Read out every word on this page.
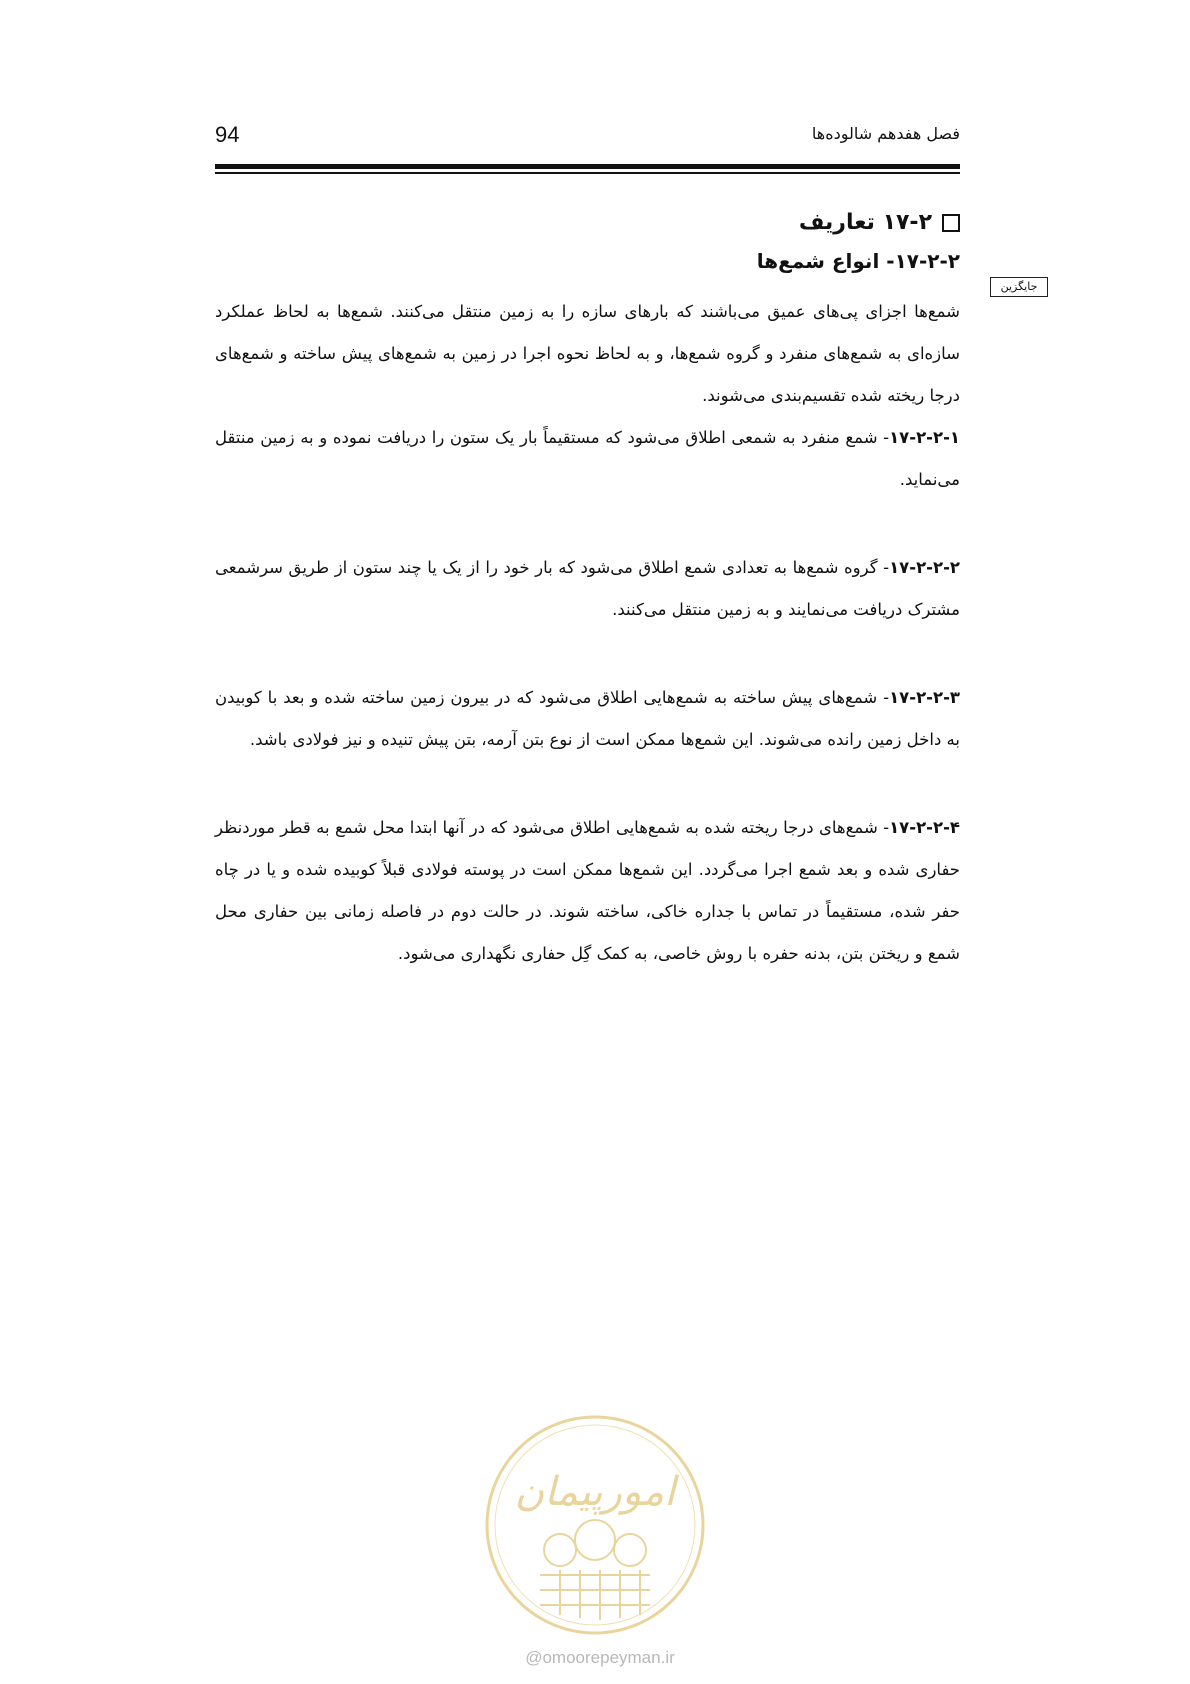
94	فصل هفدهم شالوده‌ها
جایگزین
۱۷-۲ تعاریف
۱۷-۲-۲- انواع شمع‌ها

شمع‌ها اجزای پی‌های عمیق می‌باشند که بارهای سازه را به زمین منتقل می‌کنند. شمع‌ها به لحاظ عملکرد سازه‌ای به شمع‌های منفرد و گروه شمع‌ها، و به لحاظ نحوه اجرا در زمین به شمع‌های پیش ساخته و شمع‌های درجا ریخته شده تقسیم‌بندی می‌شوند.

۱۷-۲-۲-۱- شمع منفرد به شمعی اطلاق می‌شود که مستقیماً بار یک ستون را دریافت نموده و به زمین منتقل می‌نماید.

۱۷-۲-۲-۲- گروه شمع‌ها به تعدادی شمع اطلاق می‌شود که بار خود را از یک یا چند ستون از طریق سرشمعی مشترک دریافت می‌نمایند و به زمین منتقل می‌کنند.

۱۷-۲-۲-۳- شمع‌های پیش ساخته به شمع‌هایی اطلاق می‌شود که در بیرون زمین ساخته شده و بعد با کوبیدن به داخل زمین رانده می‌شوند. این شمع‌ها ممکن است از نوع بتن آرمه، بتن پیش تنیده و نیز فولادی باشد.

۱۷-۲-۲-۴- شمع‌های درجا ریخته شده به شمع‌هایی اطلاق می‌شود که در آنها ابتدا محل شمع به قطر موردنظر حفاری شده و بعد شمع اجرا می‌گردد. این شمع‌ها ممکن است در پوسته فولادی قبلاً کوبیده شده و یا در چاه حفر شده، مستقیماً در تماس با جداره خاکی، ساخته شوند. در حالت دوم در فاصله زمانی بین حفاری محل شمع و ریختن بتن، بدنه حفره با روش خاصی، به کمک گِل حفاری نگهداری می‌شود.

امورپیمان
@omoorepeyman.ir
